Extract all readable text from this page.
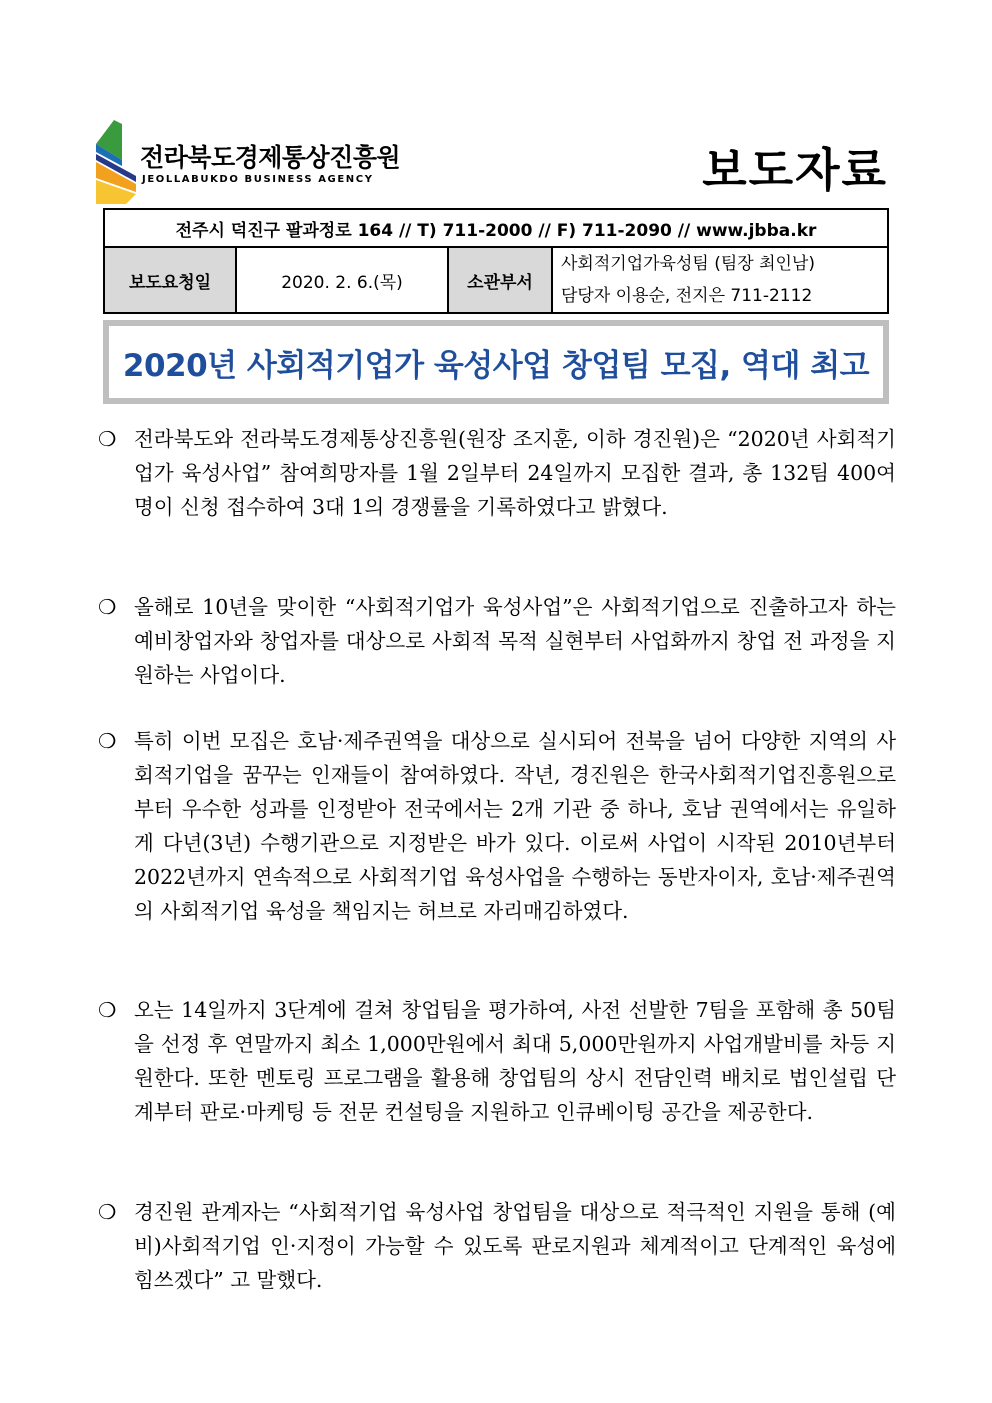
전라북도경제통상진흥원
JEOLLABUKDO BUSINESS AGENCY	보도자료
전주시 덕진구 팔과정로 164 // T) 711-2000 // F) 711-2090 // www.jbba.kr
보도요청일	2020. 2. 6.(목)	소관부서	
사회적기업가육성팀 (팀장 최인남)
담당자 이용순, 전지은 711-2112
2020년 사회적기업가 육성사업 창업팀 모집, 역대 최고
❍ 전라북도와 전라북도경제통상진흥원(원장 조지훈, 이하 경진원)은 “2020년 사회적기업가 육성사업” 참여희망자를 1월 2일부터 24일까지 모집한 결과, 총 132팀 400여명이 신청 접수하여 3대 1의 경쟁률을 기록하였다고 밝혔다.
❍ 올해로 10년을 맞이한 “사회적기업가 육성사업”은 사회적기업으로 진출하고자 하는 예비창업자와 창업자를 대상으로 사회적 목적 실현부터 사업화까지 창업 전 과정을 지원하는 사업이다.
❍ 특히 이번 모집은 호남·제주권역을 대상으로 실시되어 전북을 넘어 다양한 지역의 사회적기업을 꿈꾸는 인재들이 참여하였다. 작년, 경진원은 한국사회적기업진흥원으로부터 우수한 성과를 인정받아 전국에서는 2개 기관 중 하나, 호남 권역에서는 유일하게 다년(3년) 수행기관으로 지정받은 바가 있다. 이로써 사업이 시작된 2010년부터 2022년까지 연속적으로 사회적기업 육성사업을 수행하는 동반자이자, 호남·제주권역의 사회적기업 육성을 책임지는 허브로 자리매김하였다.
❍ 오는 14일까지 3단계에 걸쳐 창업팀을 평가하여, 사전 선발한 7팀을 포함해 총 50팀을 선정 후 연말까지 최소 1,000만원에서 최대 5,000만원까지 사업개발비를 차등 지원한다. 또한 멘토링 프로그램을 활용해 창업팀의 상시 전담인력 배치로 법인설립 단계부터 판로·마케팅 등 전문 컨설팅을 지원하고 인큐베이팅 공간을 제공한다.
❍ 경진원 관계자는 “사회적기업 육성사업 창업팀을 대상으로 적극적인 지원을 통해 (예비)사회적기업 인·지정이 가능할 수 있도록 판로지원과 체계적이고 단계적인 육성에 힘쓰겠다” 고 말했다.
